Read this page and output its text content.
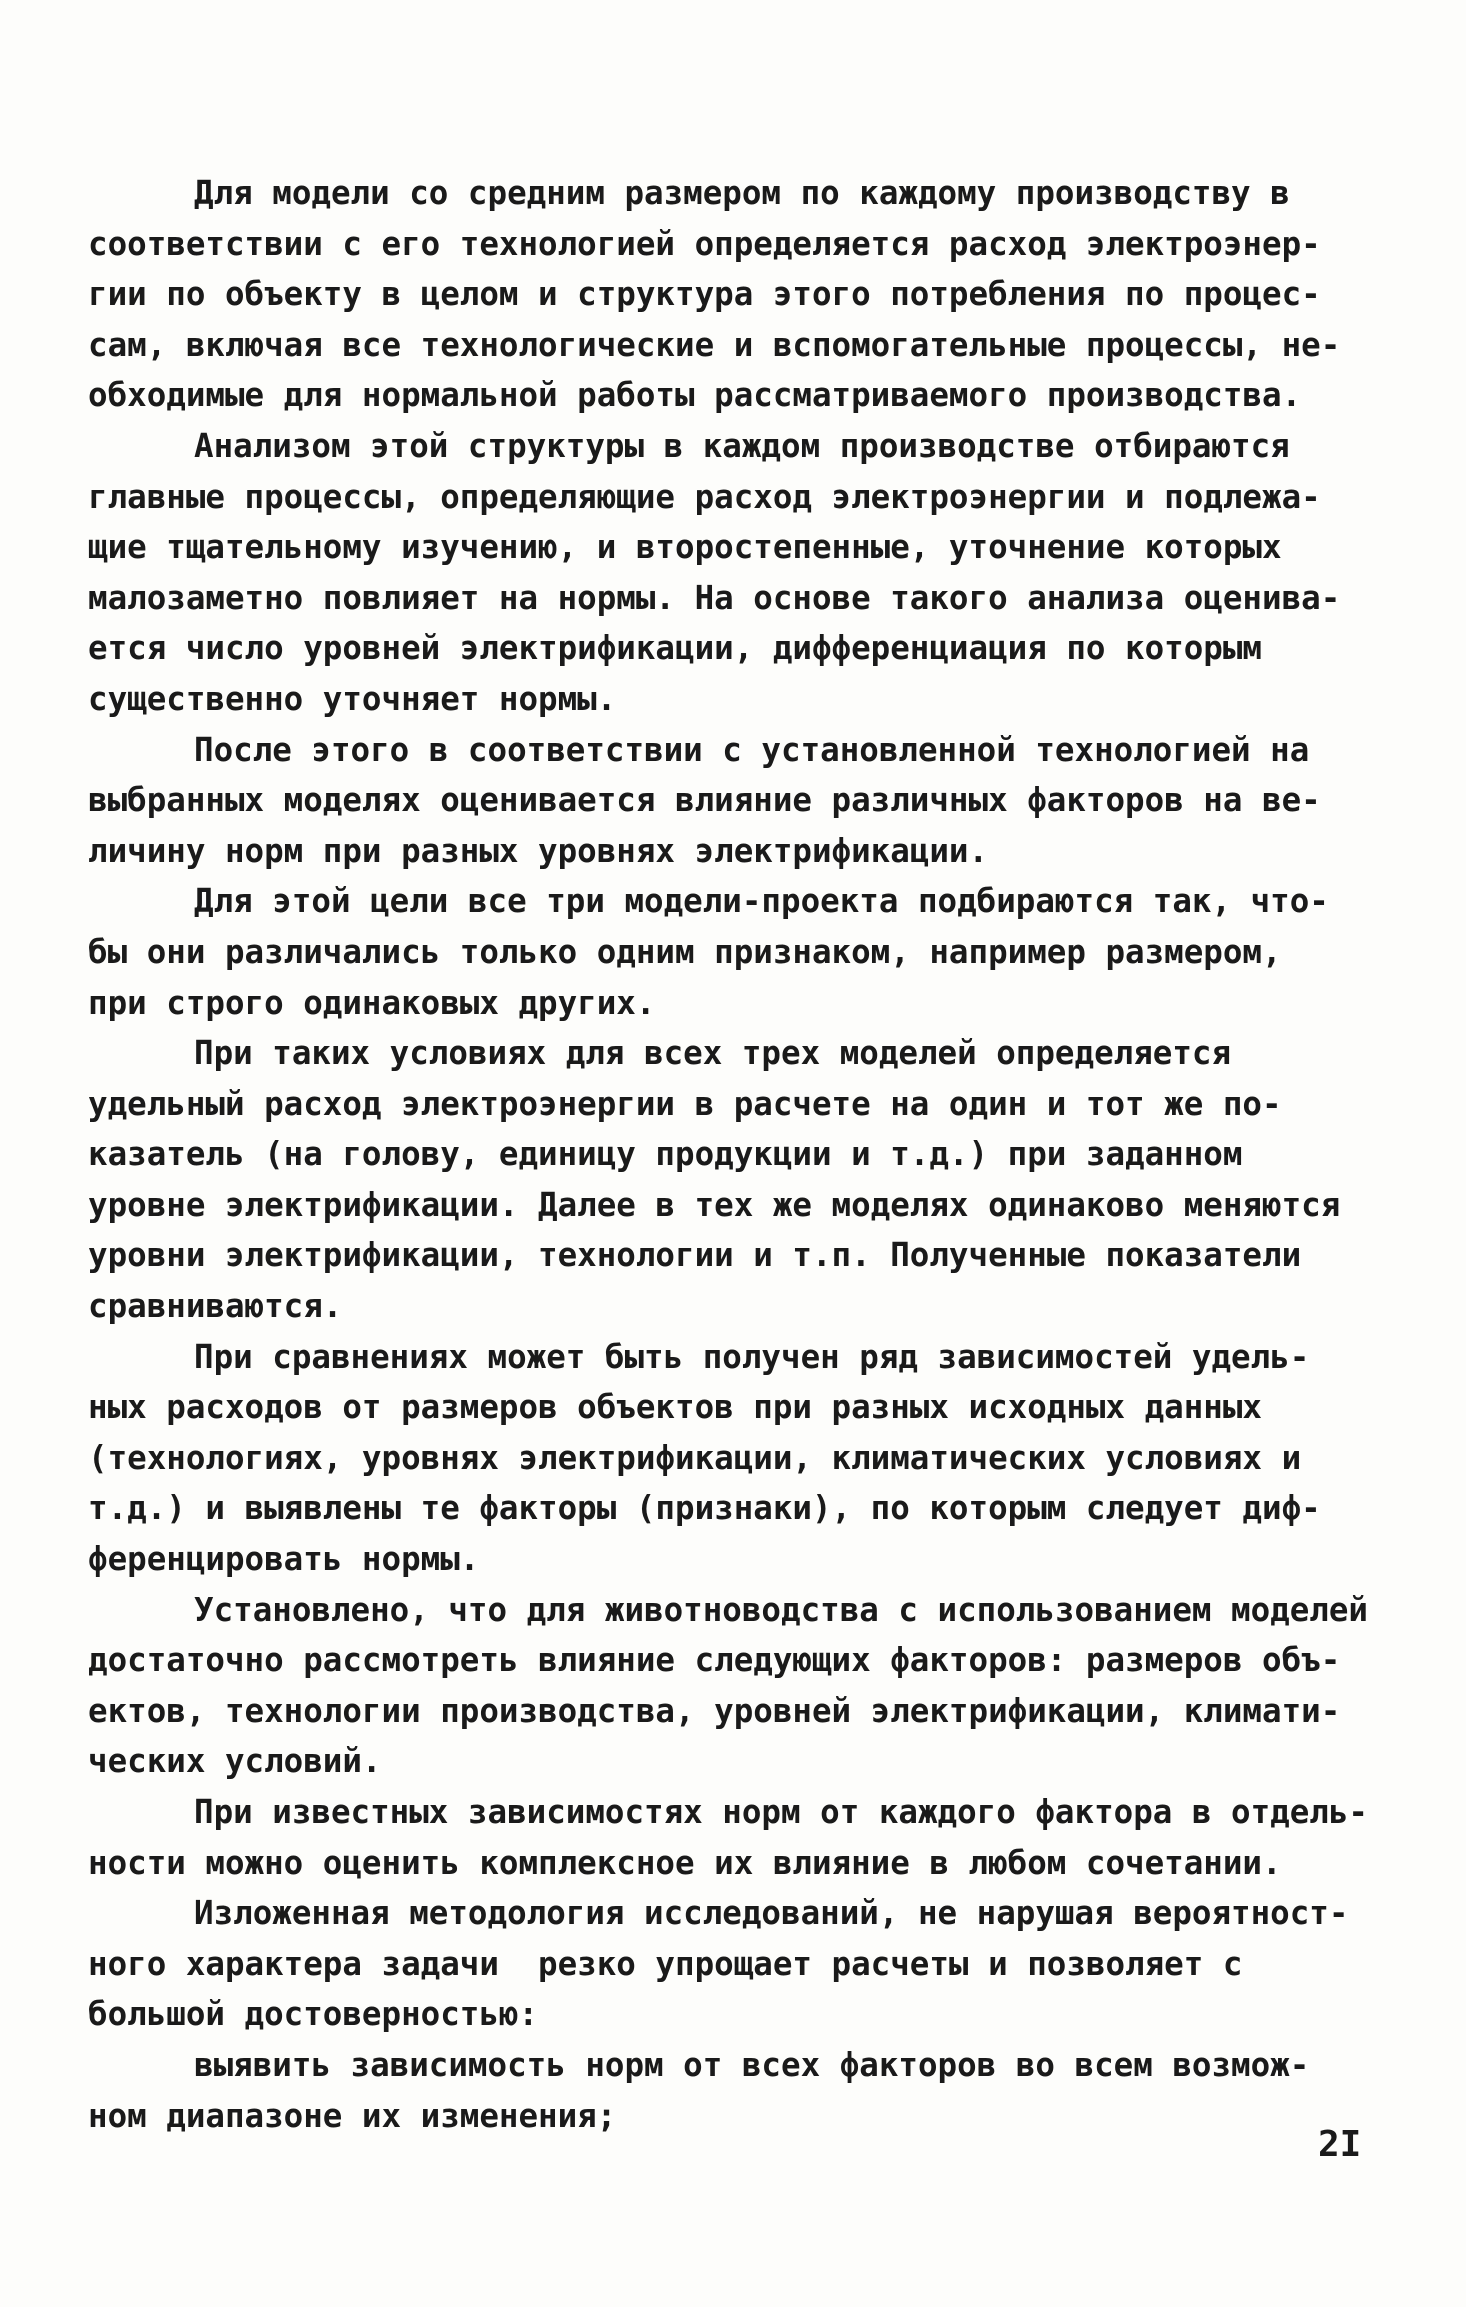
Для модели со средним размером по каждому производству в
соответствии с его технологией определяется расход электроэнер-
гии по объекту в целом и структура этого потребления по процес-
сам, включая все технологические и вспомогательные процессы, не-
обходимые для нормальной работы рассматриваемого производства.
Анализом этой структуры в каждом производстве отбираются
главные процессы, определяющие расход электроэнергии и подлежа-
щие тщательному изучению, и второстепенные, уточнение которых
малозаметно повлияет на нормы. На основе такого анализа оценива-
ется число уровней электрификации, дифференциация по которым
существенно уточняет нормы.
После этого в соответствии с установленной технологией на
выбранных моделях оценивается влияние различных факторов на ве-
личину норм при разных уровнях электрификации.
Для этой цели все три модели-проекта подбираются так, что-
бы они различались только одним признаком, например размером,
при строго одинаковых других.
При таких условиях для всех трех моделей определяется
удельный расход электроэнергии в расчете на один и тот же по-
казатель (на голову, единицу продукции и т.д.) при заданном
уровне электрификации. Далее в тех же моделях одинаково меняются
уровни электрификации, технологии и т.п. Полученные показатели
сравниваются.
При сравнениях может быть получен ряд зависимостей удель-
ных расходов от размеров объектов при разных исходных данных
(технологиях, уровнях электрификации, климатических условиях и
т.д.) и выявлены те факторы (признаки), по которым следует диф-
ференцировать нормы.
Установлено, что для животноводства с использованием моделей
достаточно рассмотреть влияние следующих факторов: размеров объ-
ектов, технологии производства, уровней электрификации, климати-
ческих условий.
При известных зависимостях норм от каждого фактора в отдель-
ности можно оценить комплексное их влияние в любом сочетании.
Изложенная методология исследований, не нарушая вероятност-
ного характера задачи  резко упрощает расчеты и позволяет с
большой достоверностью:
выявить зависимость норм от всех факторов во всем возмож-
ном диапазоне их изменения;
2I
